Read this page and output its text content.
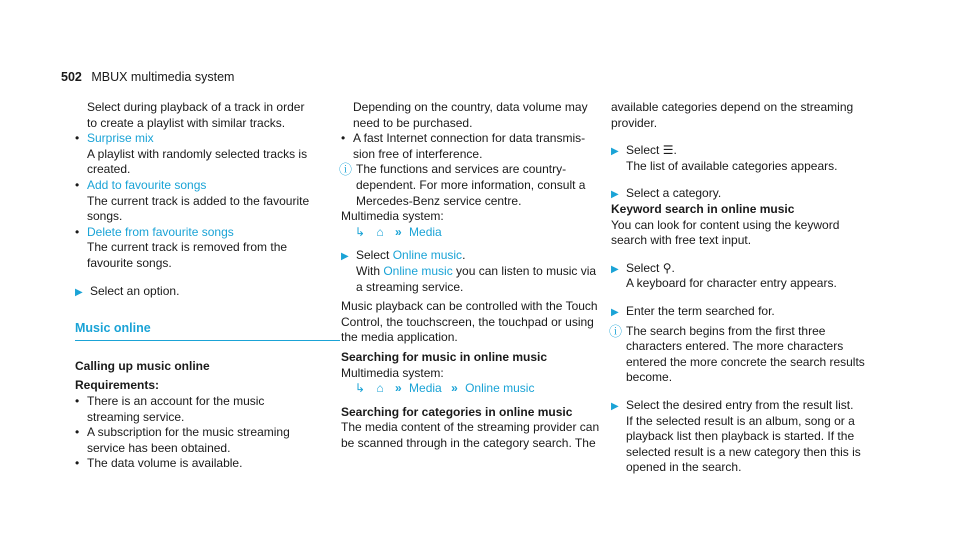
502 MBUX multimedia system

Select during playback of a track in order to create a playlist with similar tracks.

• Surprise mix
A playlist with randomly selected tracks is created.
• Add to favourite songs
The current track is added to the favourite songs.
• Delete from favourite songs
The current track is removed from the favourite songs.
▶ Select an option.
Music online
Calling up music online
Requirements:
• There is an account for the music streaming service.
• A subscription for the music streaming service has been obtained.
• The data volume is available.
Depending on the country, data volume may need to be purchased.
• A fast Internet connection for data transmission free of interference.
ⓘ The functions and services are country-dependent. For more information, consult a Mercedes-Benz service centre.
Multimedia system:
↳ ⌂ » Media
▶ Select Online music.
With Online music you can listen to music via a streaming service.
Music playback can be controlled with the Touch Control, the touchscreen, the touchpad or using the media application.
Searching for music in online music
Multimedia system:
↳ ⌂ » Media » Online music
Searching for categories in online music
The media content of the streaming provider can be scanned through in the category search. The
available categories depend on the streaming provider.
▶ Select ☰.
The list of available categories appears.
▶ Select a category.
Keyword search in online music
You can look for content using the keyword search with free text input.
▶ Select ⚲.
A keyboard for character entry appears.
▶ Enter the term searched for.
ⓘ The search begins from the first three characters entered. The more characters entered the more concrete the search results become.
▶ Select the desired entry from the result list.
If the selected result is an album, song or a playback list then playback is started. If the selected result is a new category then this is opened in the search.
